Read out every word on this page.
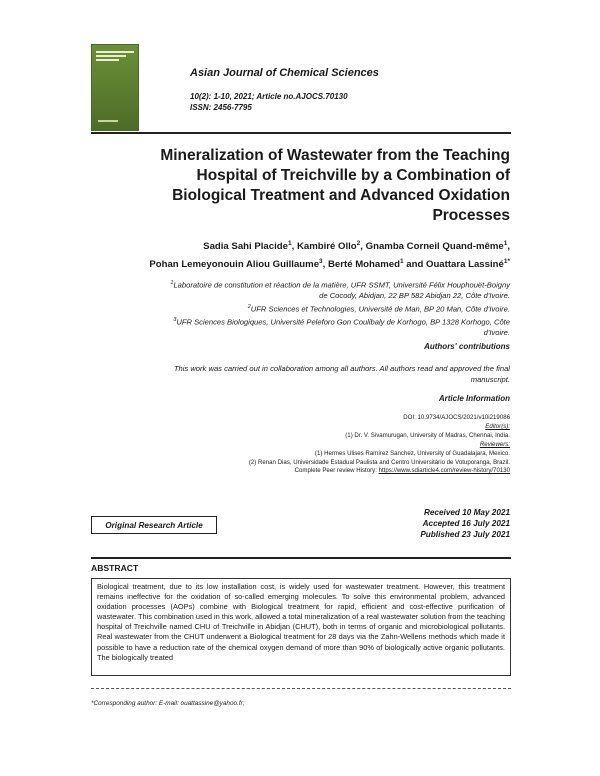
Asian Journal of Chemical Sciences
10(2): 1-10, 2021; Article no.AJOCS.70130
ISSN: 2456-7795
Mineralization of Wastewater from the Teaching
Hospital of Treichville by a Combination of
Biological Treatment and Advanced Oxidation
Processes
Sadia Sahi Placide$^1$, Kambiré Ollo$^2$, Gnamba Corneil Quand-même$^1$,
Pohan Lemeyonouin Aliou Guillaume$^3$, Berté Mohamed$^1$ and Ouattara Lassiné$^{1*}$
$^1$Laboratoire de constitution et réaction de la matière, UFR SSMT, Université Félix Houphouët-Boigny
de Cocody, Abidjan, 22 BP 582 Abidjan 22, Côte d'Ivoire.
$^2$UFR Sciences et Technologies, Université de Man, BP 20 Man, Côte d'Ivoire.
$^3$UFR Sciences Biologiques, Université Peleforo Gon Coulibaly de Korhogo, BP 1328 Korhogo, Côte
d'Ivoire.
Authors' contributions
This work was carried out in collaboration among all authors. All authors read and approved the final
manuscript.
Article Information
DOI: 10.9734/AJOCS/2021/v10i219086
Editor(s):
(1) Dr. V. Sivamurugan, University of Madras, Chennai, India.
Reviewers:
(1) Hermes Ulises Ramírez Sanchez, University of Guadalajara, Mexico.
(2) Renan Dias, Universidade Estadual Paulista and Centro Universitário de Votuporanga, Brazil.
Complete Peer review History: https://www.sdiarticle4.com/review-history/70130
Received 10 May 2021
Accepted 16 July 2021
Published 23 July 2021
Original Research Article
ABSTRACT
Biological treatment, due to its low installation cost, is widely used for wastewater treatment. However, this treatment remains ineffective for the oxidation of so-called emerging molecules. To solve this environmental problem, advanced oxidation processes (AOPs) combine with Biological treatment for rapid, efficient and cost-effective purification of wastewater. This combination used in this work, allowed a total mineralization of a real wastewater solution from the teaching hospital of Treichville named CHU of Treichville in Abidjan (CHUT), both in terms of organic and microbiological pollutants. Real wastewater from the CHUT underwent a Biological treatment for 28 days via the Zahn-Wellens methods which made it possible to have a reduction rate of the chemical oxygen demand of more than 90% of biologically active organic pollutants. The biologically treated
*Corresponding author: E-mail: ouattassine@yahoo.fr;
